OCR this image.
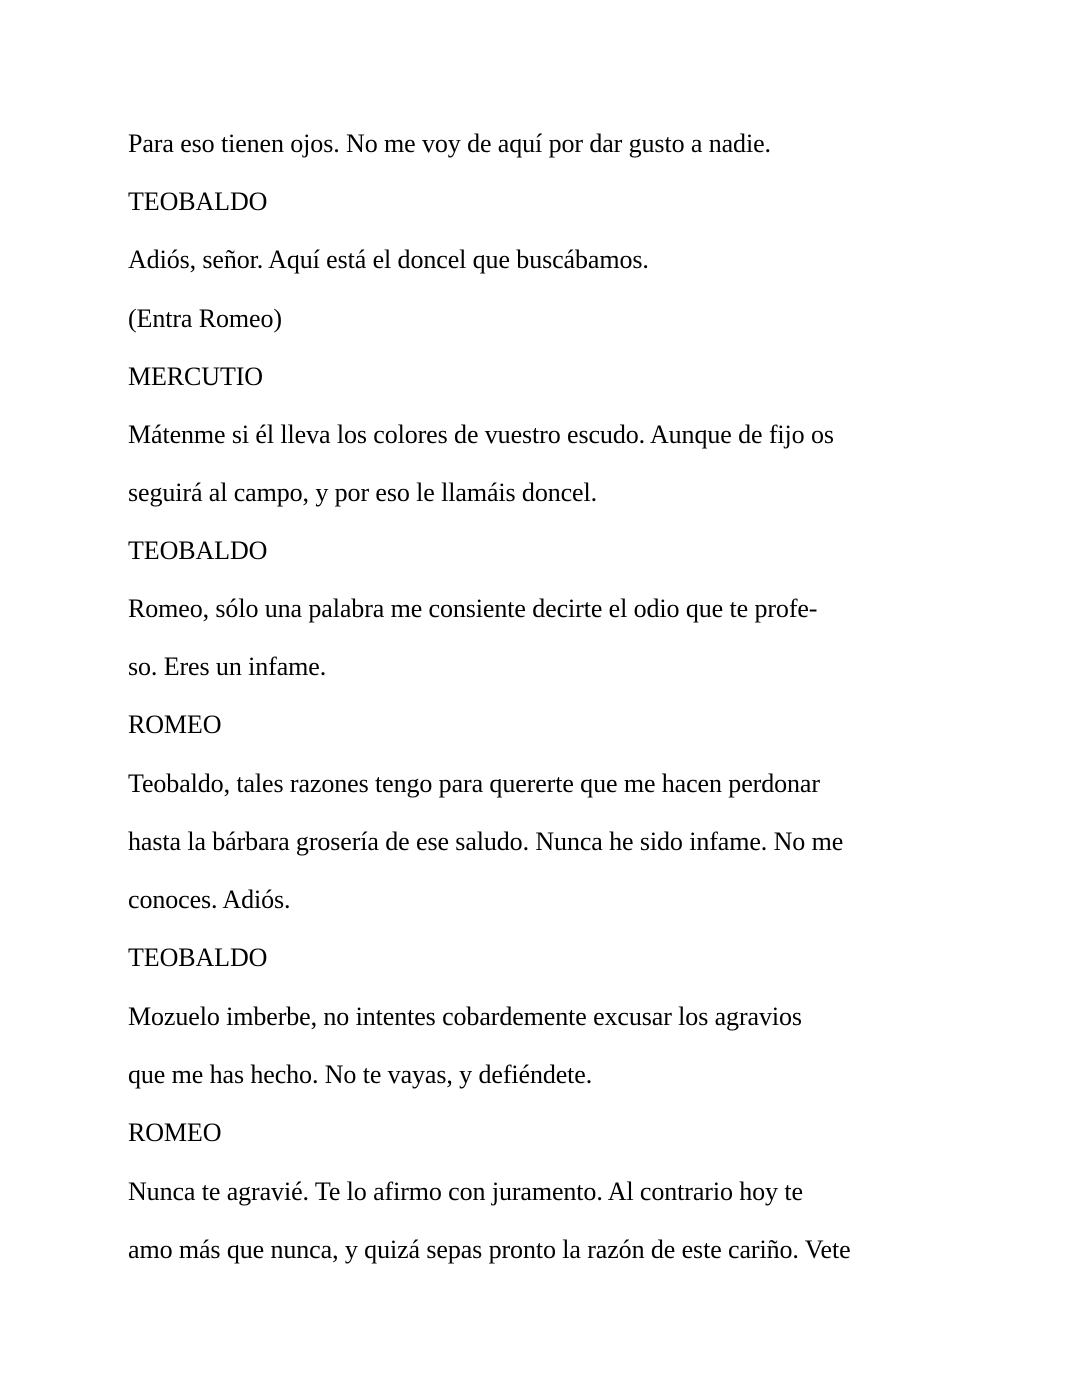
Para eso tienen ojos. No me voy de aquí por dar gusto a nadie.
TEOBALDO
Adiós, señor. Aquí está el doncel que buscábamos.
(Entra Romeo)
MERCUTIO
Mátenme si él lleva los colores de vuestro escudo. Aunque de fijo os
seguirá al campo, y por eso le llamáis doncel.
TEOBALDO
Romeo, sólo una palabra me consiente decirte el odio que te profe-
so. Eres un infame.
ROMEO
Teobaldo, tales razones tengo para quererte que me hacen perdonar
hasta la bárbara grosería de ese saludo. Nunca he sido infame. No me
conoces. Adiós.
TEOBALDO
Mozuelo imberbe, no intentes cobardemente excusar los agravios
que me has hecho. No te vayas, y defiéndete.
ROMEO
Nunca te agravié. Te lo afirmo con juramento. Al contrario hoy te
amo más que nunca, y quizá sepas pronto la razón de este cariño. Vete
